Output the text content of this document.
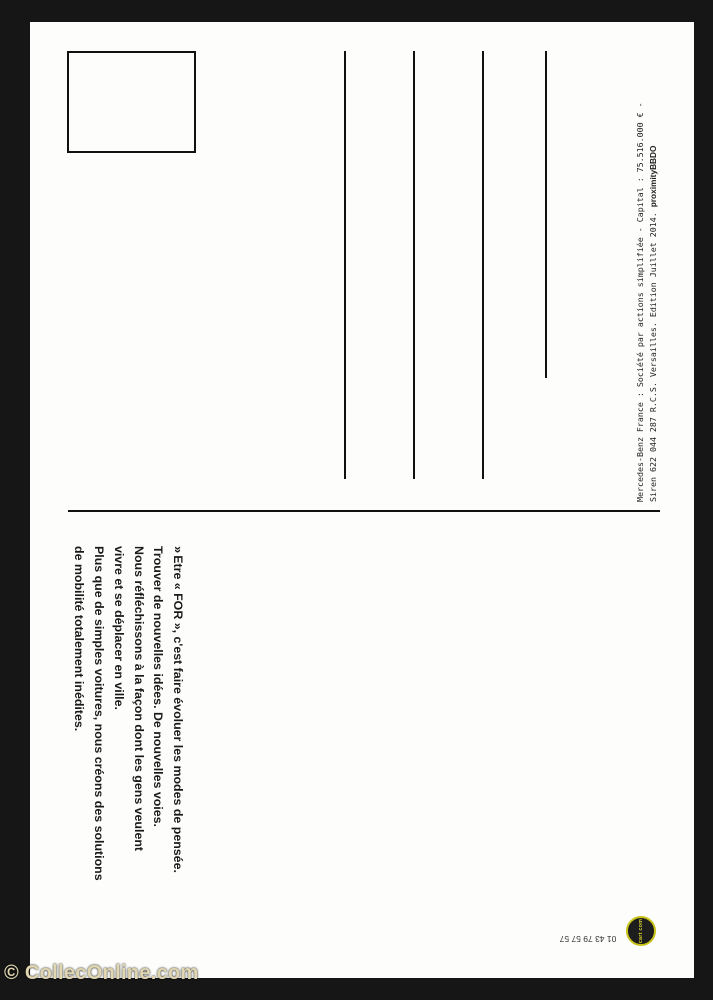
Mercedes-Benz France : Société par actions simplifiée - Capital : 75.516.000 € - Siren 622 044 287 R.C.S. Versailles. Edition Juillet 2014. proximityBBDO
»Etre « FOR », c'est faire évoluer les modes de pensée.
Trouver de nouvelles idées. De nouvelles voies.
Nous réfléchissons à la façon dont les gens veulent
vivre et se déplacer en ville.
Plus que de simples voitures, nous créons des solutions
de mobilité totalement inédites.
01 43 79 57 57	cart com
© CollecOnline.com
